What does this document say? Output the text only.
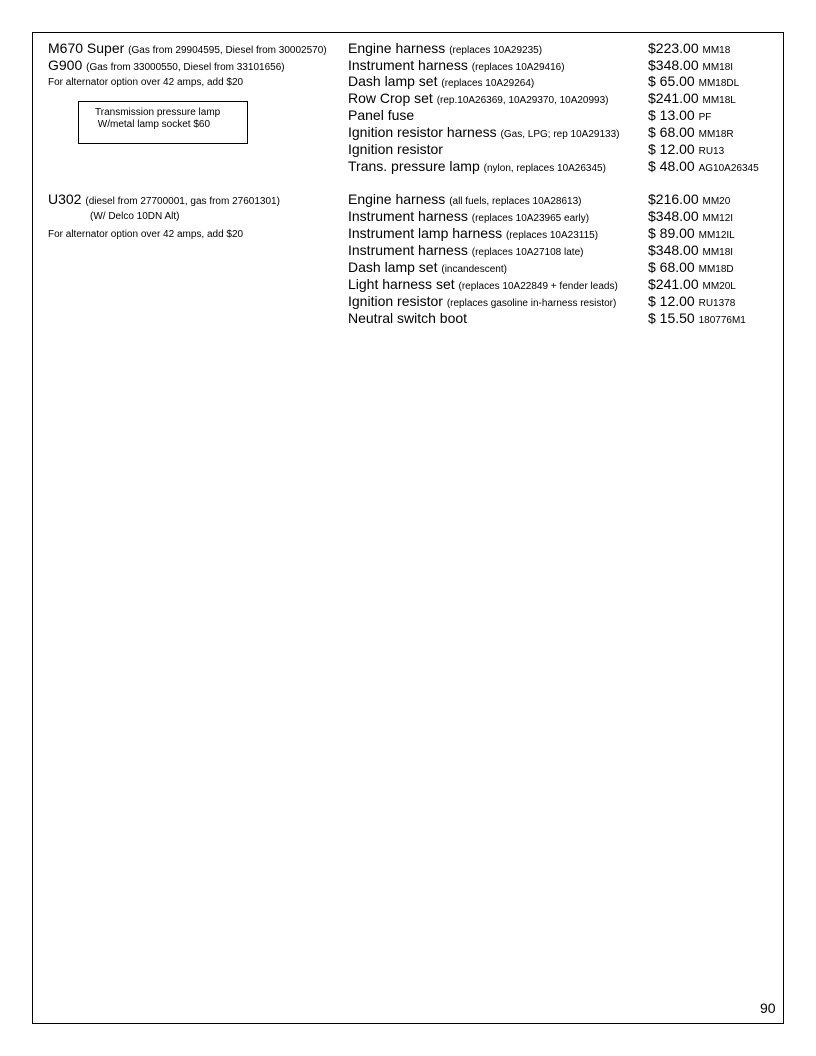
M670 Super (Gas from 29904595, Diesel from 30002570)
G900 (Gas from 33000550, Diesel from 33101656)
For alternator option over 42 amps, add $20
Transmission pressure lamp
W/metal lamp socket $60
Engine harness (replaces 10A29235)	$223.00 MM18
Instrument harness (replaces 10A29416)	$348.00 MM18I
Dash lamp set (replaces 10A29264)	$ 65.00 MM18DL
Row Crop set (rep.10A26369, 10A29370, 10A20993)	$241.00 MM18L
Panel fuse	$ 13.00 PF
Ignition resistor harness (Gas, LPG; rep 10A29133) $ 68.00 MM18R
Ignition resistor	$ 12.00 RU13
Trans. pressure lamp (nylon, replaces 10A26345)	$ 48.00 AG10A26345
U302 (diesel from 27700001, gas from 27601301)
(W/ Delco 10DN Alt)
For alternator option over 42 amps, add $20
Engine harness (all fuels, replaces 10A28613)	$216.00 MM20
Instrument harness (replaces 10A23965 early)	$348.00 MM12I
Instrument lamp harness (replaces 10A23115)	$ 89.00 MM12IL
Instrument harness (replaces 10A27108 late)	$348.00 MM18I
Dash lamp set (incandescent)	$ 68.00 MM18D
Light harness set (replaces 10A22849 + fender leads) $241.00 MM20L
Ignition resistor (replaces gasoline in-harness resistor) $ 12.00 RU1378
Neutral switch boot	$ 15.50 180776M1
90
